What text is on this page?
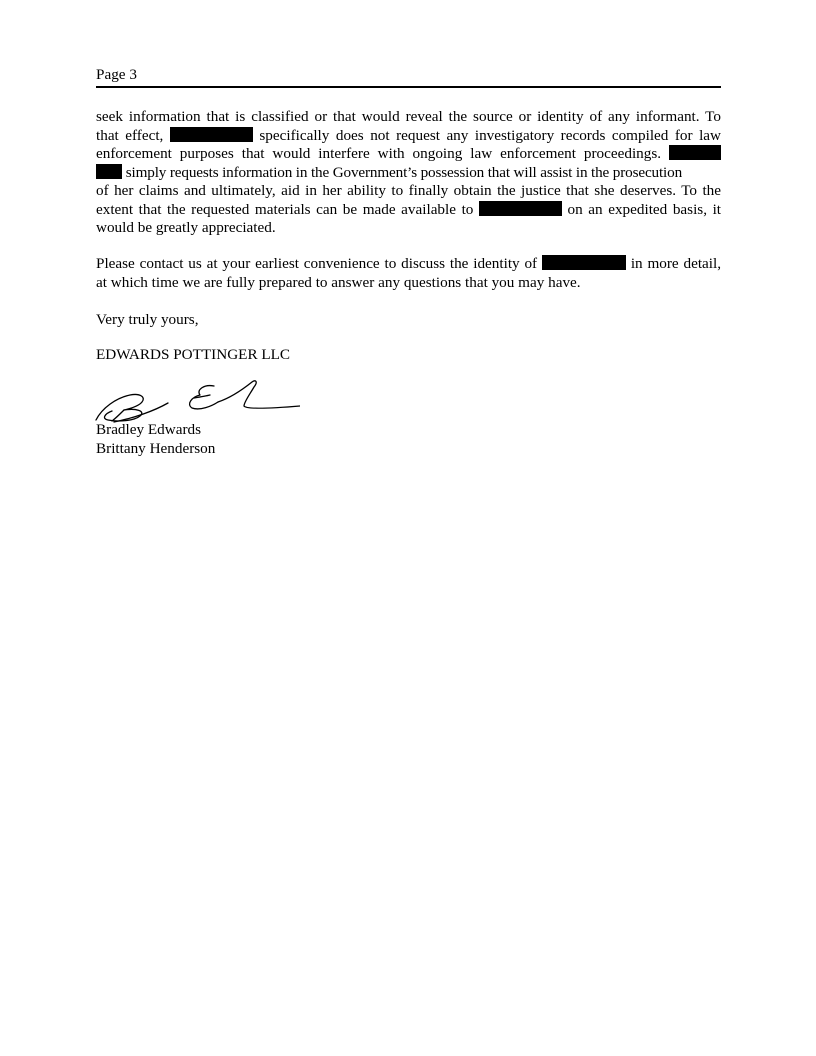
Page 3
seek information that is classified or that would reveal the source or identity of any informant. To
that effect,	specifically does not request any investigatory records compiled for law
enforcement purposes that would interfere with ongoing law enforcement proceedings.
simply requests information in the Government’s possession that will assist in the prosecution
of her claims and ultimately, aid in her ability to finally obtain the justice that she deserves. To the
extent that the requested materials can be made available to	on an expedited basis, it
would be greatly appreciated.
Please contact us at your earliest convenience to discuss the identity of	in more detail,
at which time we are fully prepared to answer any questions that you may have.
Very truly yours,
EDWARDS POTTINGER LLC
Bradley Edwards
Brittany Henderson
